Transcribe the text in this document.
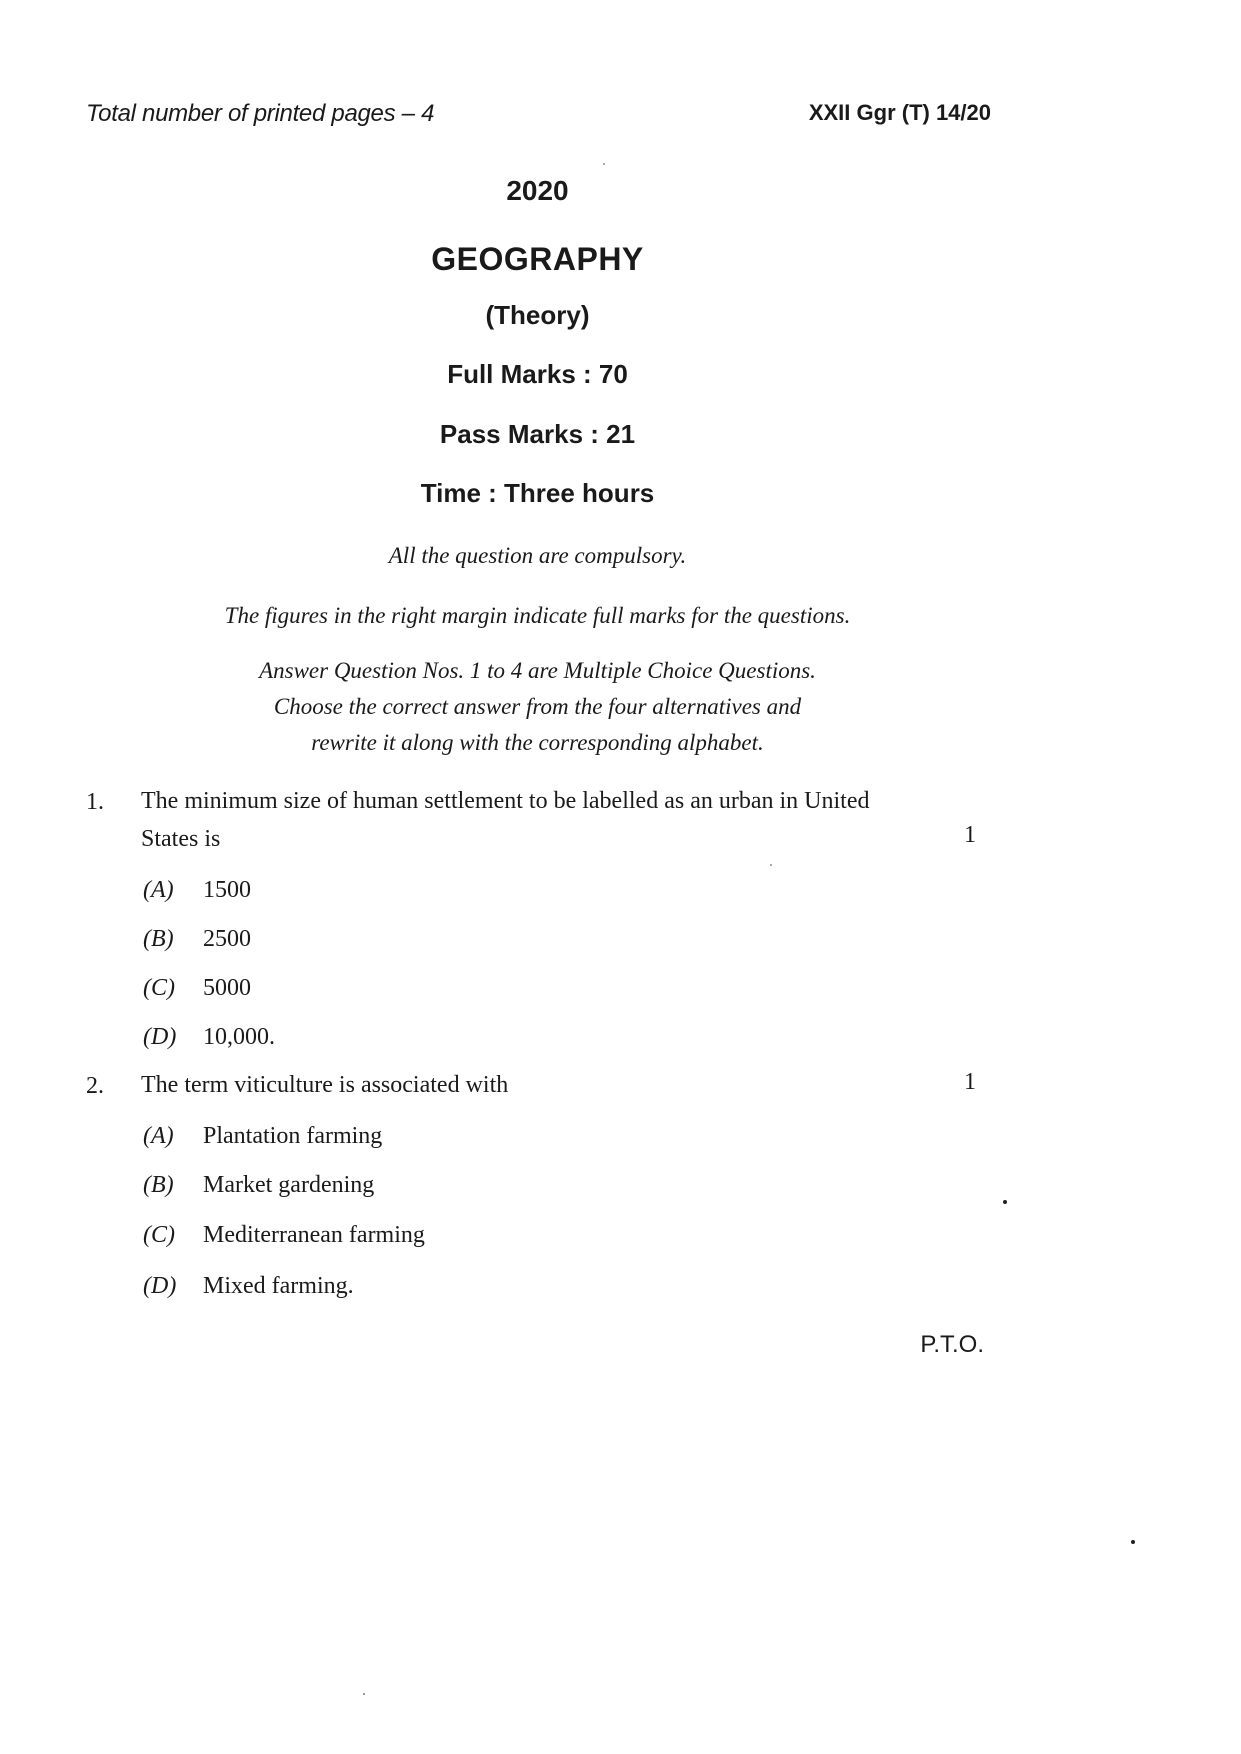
Total number of printed pages – 4	XXII Ggr (T) 14/20
2020
GEOGRAPHY
(Theory)
Full Marks : 70
Pass Marks : 21
Time : Three hours
All the question are compulsory.
The figures in the right margin indicate full marks for the questions.
Answer Question Nos. 1 to 4 are Multiple Choice Questions.
Choose the correct answer from the four alternatives and
rewrite it along with the corresponding alphabet.
1. The minimum size of human settlement to be labelled as an urban in United
States is	1
(A) 1500
(B) 2500
(C) 5000
(D) 10,000.
2. The term viticulture is associated with	1
(A) Plantation farming
(B) Market gardening
(C) Mediterranean farming
(D) Mixed farming.
P.T.O.
